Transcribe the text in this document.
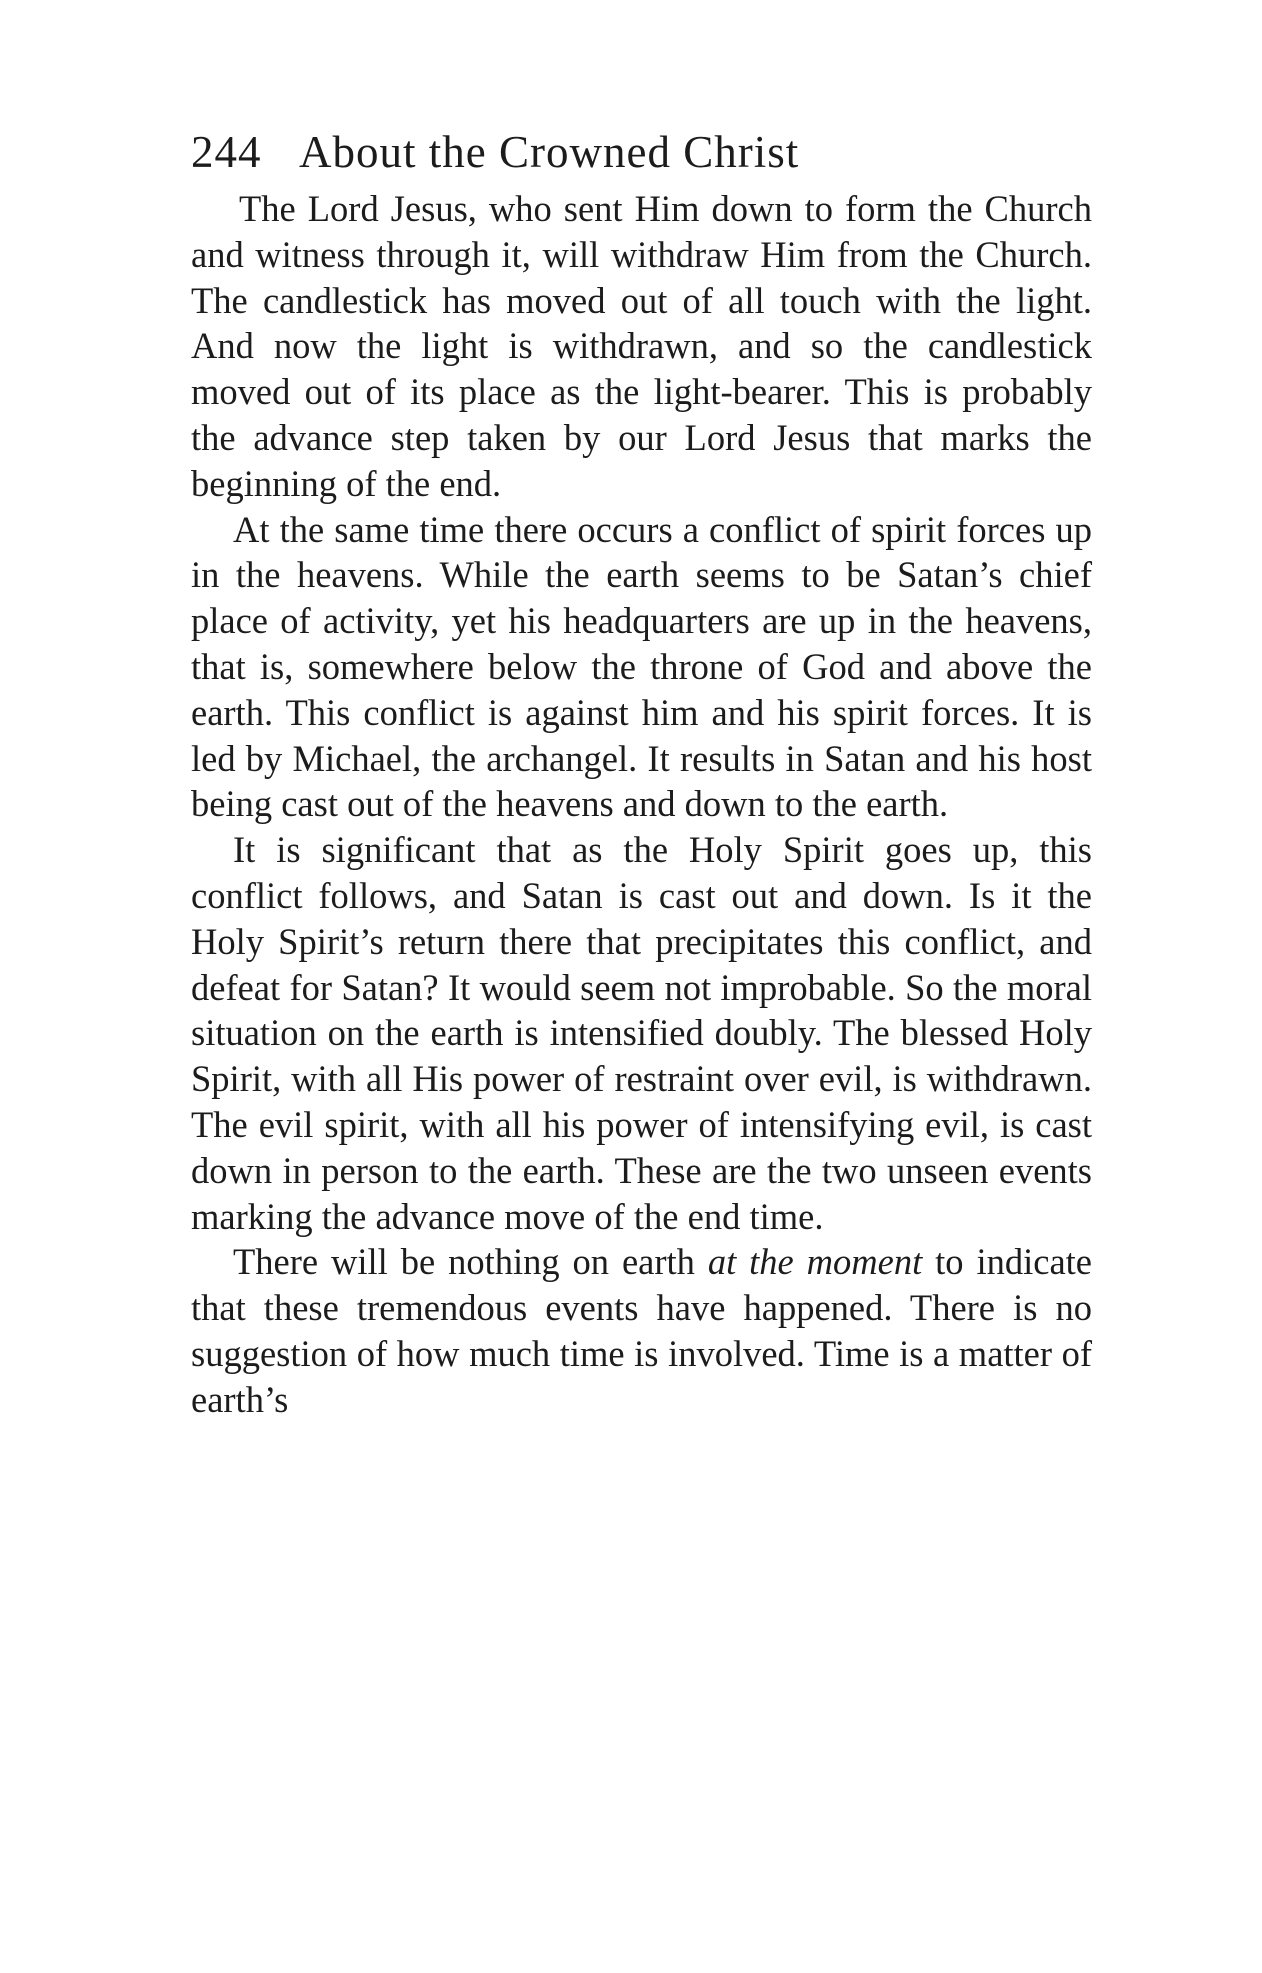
244 About the Crowned Christ

The Lord Jesus, who sent Him down to form the Church and witness through it, will withdraw Him from the Church. The candlestick has moved out of all touch with the light. And now the light is withdrawn, and so the candlestick moved out of its place as the light-bearer. This is probably the advance step taken by our Lord Jesus that marks the beginning of the end.

At the same time there occurs a conflict of spirit forces up in the heavens. While the earth seems to be Satan’s chief place of activity, yet his headquarters are up in the heavens, that is, somewhere below the throne of God and above the earth. This conflict is against him and his spirit forces. It is led by Michael, the archangel. It results in Satan and his host being cast out of the heavens and down to the earth.

It is significant that as the Holy Spirit goes up, this conflict follows, and Satan is cast out and down. Is it the Holy Spirit’s return there that precipitates this conflict, and defeat for Satan? It would seem not improbable. So the moral situation on the earth is intensified doubly. The blessed Holy Spirit, with all His power of restraint over evil, is withdrawn. The evil spirit, with all his power of intensifying evil, is cast down in person to the earth. These are the two unseen events marking the advance move of the end time.

There will be nothing on earth at the moment to indicate that these tremendous events have happened. There is no suggestion of how much time is involved. Time is a matter of earth’s
